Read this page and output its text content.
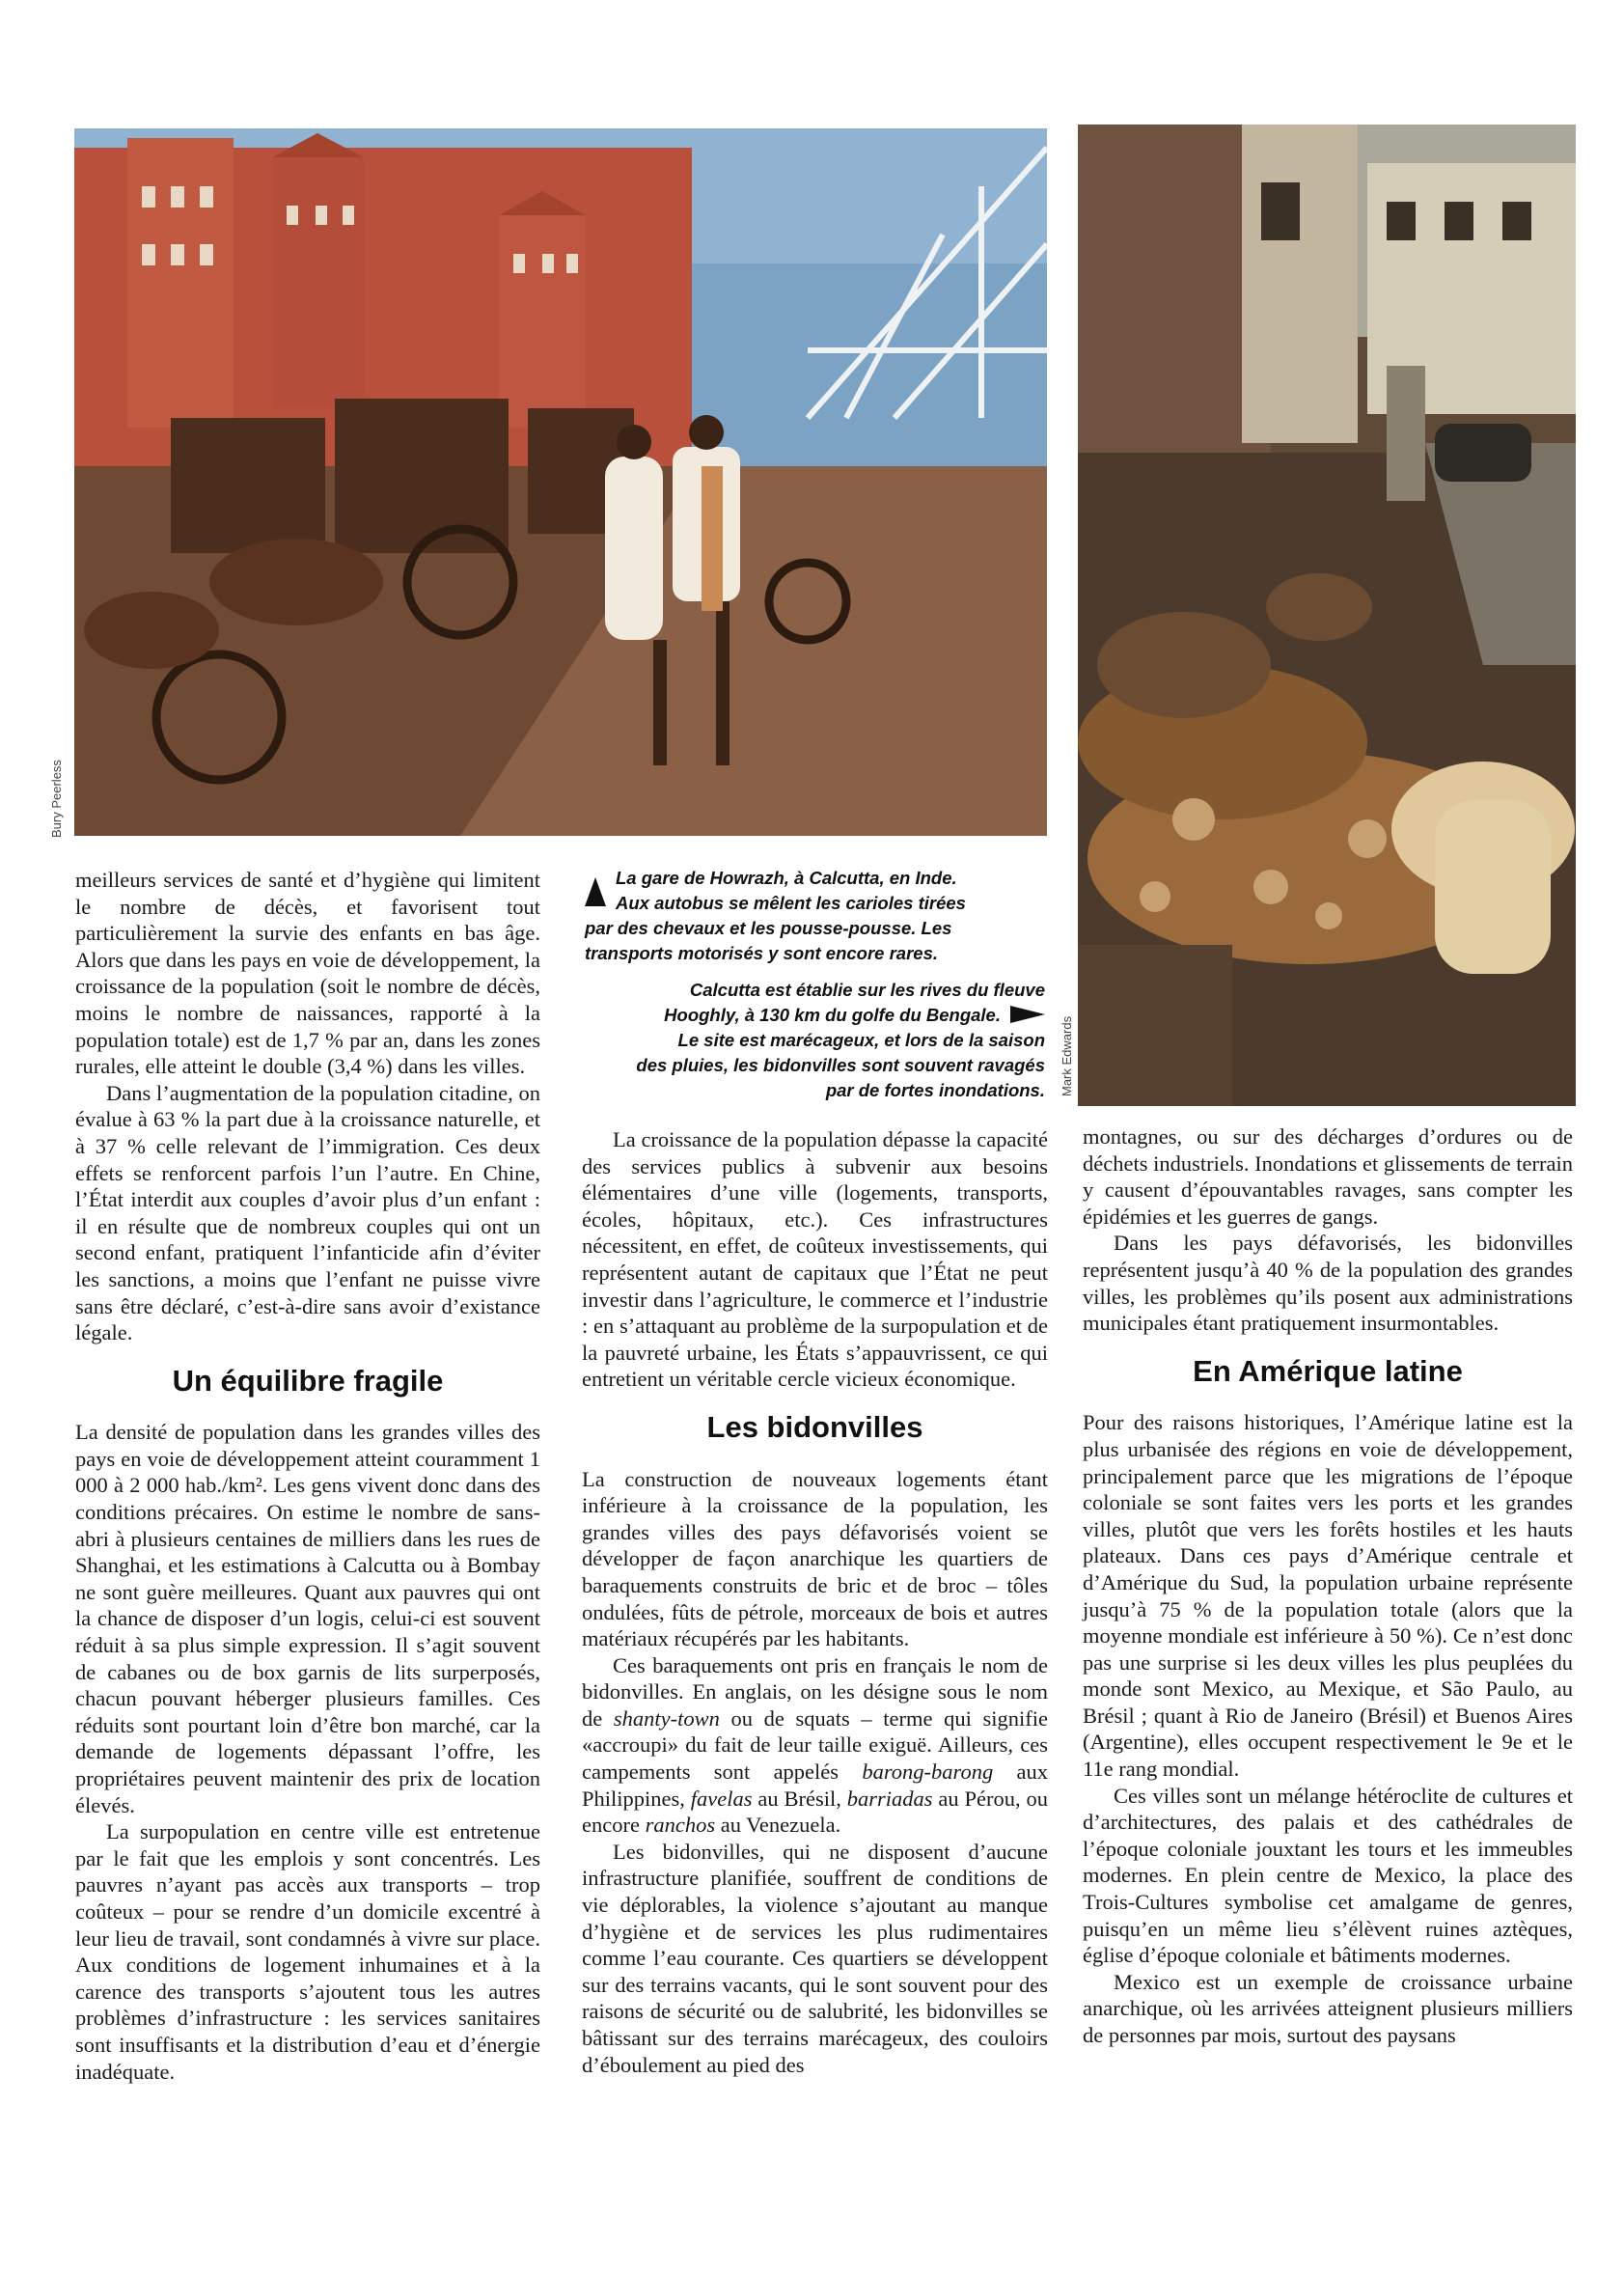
Bury Peerless
Mark Edwards
La gare de Howrazh, à Calcutta, en Inde.
Aux autobus se mêlent les carioles tirées
par des chevaux et les pousse-pousse. Les
transports motorisés y sont encore rares.
Calcutta est établie sur les rives du fleuve
Hooghly, à 130 km du golfe du Bengale.
Le site est marécageux, et lors de la saison
des pluies, les bidonvilles sont souvent ravagés
par de fortes inondations.

meilleurs services de santé et d’hygiène qui limitent le nombre de décès, et favorisent tout particulièrement la survie des enfants en bas âge. Alors que dans les pays en voie de développement, la croissance de la population (soit le nombre de décès, moins le nombre de naissances, rapporté à la population totale) est de 1,7 % par an, dans les zones rurales, elle atteint le double (3,4 %) dans les villes.

Dans l’augmentation de la population citadine, on évalue à 63 % la part due à la croissance naturelle, et à 37 % celle relevant de l’immigration. Ces deux effets se renforcent parfois l’un l’autre. En Chine, l’État interdit aux couples d’avoir plus d’un enfant : il en résulte que de nombreux couples qui ont un second enfant, pratiquent l’infanticide afin d’éviter les sanctions, a moins que l’enfant ne puisse vivre sans être déclaré, c’est-à-dire sans avoir d’existance légale.

Un équilibre fragile

La densité de population dans les grandes villes des pays en voie de développement atteint couramment 1 000 à 2 000 hab./km². Les gens vivent donc dans des conditions précaires. On estime le nombre de sans-abri à plusieurs centaines de milliers dans les rues de Shanghai, et les estimations à Calcutta ou à Bombay ne sont guère meilleures. Quant aux pauvres qui ont la chance de disposer d’un logis, celui-ci est souvent réduit à sa plus simple expression. Il s’agit souvent de cabanes ou de box garnis de lits surperposés, chacun pouvant héberger plusieurs familles. Ces réduits sont pourtant loin d’être bon marché, car la demande de logements dépassant l’offre, les propriétaires peuvent maintenir des prix de location élevés.

La surpopulation en centre ville est entretenue par le fait que les emplois y sont concentrés. Les pauvres n’ayant pas accès aux transports – trop coûteux – pour se rendre d’un domicile excentré à leur lieu de travail, sont condamnés à vivre sur place. Aux conditions de logement inhumaines et à la carence des transports s’ajoutent tous les autres problèmes d’infrastructure : les services sanitaires sont insuffisants et la distribution d’eau et d’énergie inadéquate.

La croissance de la population dépasse la capacité des services publics à subvenir aux besoins élémentaires d’une ville (logements, transports, écoles, hôpitaux, etc.). Ces infrastructures nécessitent, en effet, de coûteux investissements, qui représentent autant de capitaux que l’État ne peut investir dans l’agriculture, le commerce et l’industrie : en s’attaquant au problème de la surpopulation et de la pauvreté urbaine, les États s’appauvrissent, ce qui entretient un véritable cercle vicieux économique.

Les bidonvilles

La construction de nouveaux logements étant inférieure à la croissance de la population, les grandes villes des pays défavorisés voient se développer de façon anarchique les quartiers de baraquements construits de bric et de broc – tôles ondulées, fûts de pétrole, morceaux de bois et autres matériaux récupérés par les habitants.

Ces baraquements ont pris en français le nom de bidonvilles. En anglais, on les désigne sous le nom de shanty-town ou de squats – terme qui signifie «accroupi» du fait de leur taille exiguë. Ailleurs, ces campements sont appelés barong-barong aux Philippines, favelas au Brésil, barriadas au Pérou, ou encore ranchos au Venezuela.

Les bidonvilles, qui ne disposent d’aucune infrastructure planifiée, souffrent de conditions de vie déplorables, la violence s’ajoutant au manque d’hygiène et de services les plus rudimentaires comme l’eau courante. Ces quartiers se développent sur des terrains vacants, qui le sont souvent pour des raisons de sécurité ou de salubrité, les bidonvilles se bâtissant sur des terrains marécageux, des couloirs d’éboulement au pied des

montagnes, ou sur des décharges d’ordures ou de déchets industriels. Inondations et glissements de terrain y causent d’épouvantables ravages, sans compter les épidémies et les guerres de gangs.

Dans les pays défavorisés, les bidonvilles représentent jusqu’à 40 % de la population des grandes villes, les problèmes qu’ils posent aux administrations municipales étant pratiquement insurmontables.

En Amérique latine

Pour des raisons historiques, l’Amérique latine est la plus urbanisée des régions en voie de développement, principalement parce que les migrations de l’époque coloniale se sont faites vers les ports et les grandes villes, plutôt que vers les forêts hostiles et les hauts plateaux. Dans ces pays d’Amérique centrale et d’Amérique du Sud, la population urbaine représente jusqu’à 75 % de la population totale (alors que la moyenne mondiale est inférieure à 50 %). Ce n’est donc pas une surprise si les deux villes les plus peuplées du monde sont Mexico, au Mexique, et São Paulo, au Brésil ; quant à Rio de Janeiro (Brésil) et Buenos Aires (Argentine), elles occupent respectivement le 9e et le 11e rang mondial.

Ces villes sont un mélange hétéroclite de cultures et d’architectures, des palais et des cathédrales de l’époque coloniale jouxtant les tours et les immeubles modernes. En plein centre de Mexico, la place des Trois-Cultures symbolise cet amalgame de genres, puisqu’en un même lieu s’élèvent ruines aztèques, église d’époque coloniale et bâtiments modernes.

Mexico est un exemple de croissance urbaine anarchique, où les arrivées atteignent plusieurs milliers de personnes par mois, surtout des paysans
